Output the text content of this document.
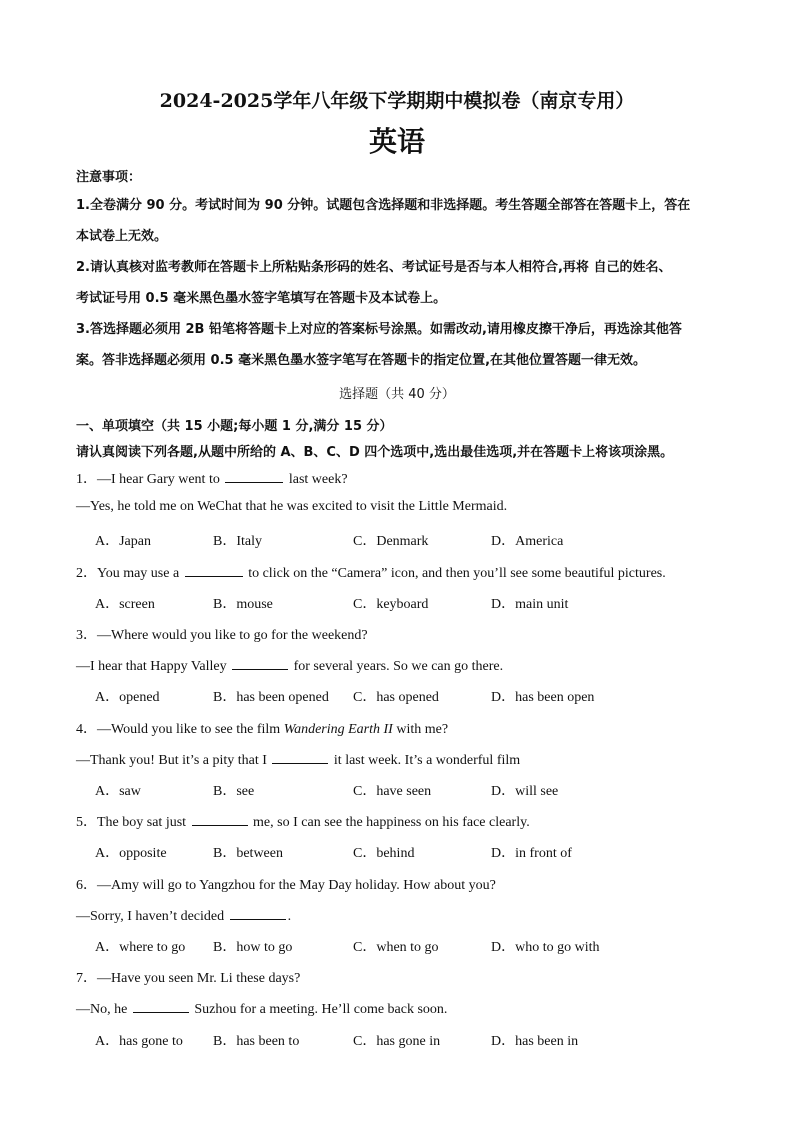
2024-2025学年八年级下学期期中模拟卷（南京专用）
英语
注意事项：
1.全卷满分 90 分。考试时间为 90 分钟。试题包含选择题和非选择题。考生答题全部答在答题卡上，答在
本试卷上无效。
2.请认真核对监考教师在答题卡上所粘贴条形码的姓名、考试证号是否与本人相符合,再将 自己的姓名、
考试证号用 0.5 毫米黑色墨水签字笔填写在答题卡及本试卷上。
3.答选择题必须用 2B 铅笔将答题卡上对应的答案标号涂黑。如需改动,请用橡皮擦干净后，再选涂其他答
案。答非选择题必须用 0.5 毫米黑色墨水签字笔写在答题卡的指定位置,在其他位置答题一律无效。
选择题（共 40 分）
一、单项填空（共 15 小题;每小题 1 分,满分 15 分）
请认真阅读下列各题,从题中所给的 A、B、C、D 四个选项中,选出最佳选项,并在答题卡上将该项涂黑。
1．—I hear Gary went to	last week?
—Yes, he told me on WeChat that he was excited to visit the Little Mermaid.
A．Japan	B．Italy	C．Denmark	D．America
2．You may use a	to click on the “Camera” icon, and then you’ll see some beautiful pictures.
A．screen	B．mouse	C．keyboard	D．main unit
3．—Where would you like to go for the weekend?
—I hear that Happy Valley	for several years. So we can go there.
A．opened	B．has been opened C．has opened	D．has been open
4．—Would you like to see the film Wandering Earth II with me?
—Thank you! But it’s a pity that I	it last week. It’s a wonderful film
A．saw	B．see	C．have seen	D．will see
5．The boy sat just	me, so I can see the happiness on his face clearly.
A．opposite	B．between	C．behind	D．in front of
6．—Amy will go to Yangzhou for the May Day holiday. How about you?
—Sorry, I haven’t decided	.
A．where to go B．how to go	C．when to go	D．who to go with
7．—Have you seen Mr. Li these days?
—No, he	Suzhou for a meeting. He’ll come back soon.
A．has gone to B．has been to	C．has gone in	D．has been in
